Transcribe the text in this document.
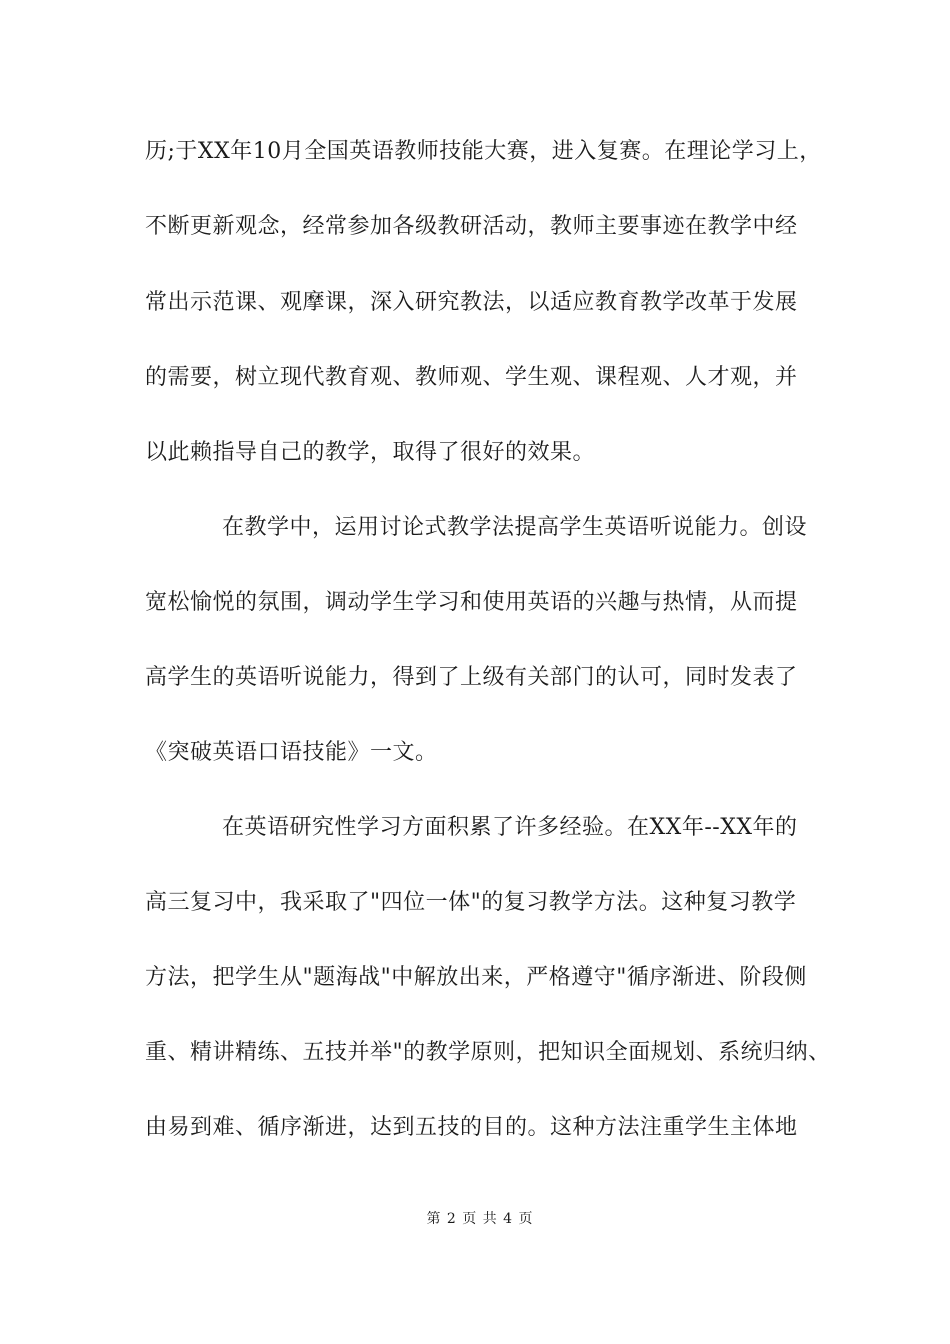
历;于XX年10月全国英语教师技能大赛，进入复赛。在理论学习上，
不断更新观念，经常参加各级教研活动，教师主要事迹在教学中经
常出示范课、观摩课，深入研究教法，以适应教育教学改革于发展
的需要，树立现代教育观、教师观、学生观、课程观、人才观，并
以此赖指导自己的教学，取得了很好的效果。
在教学中，运用讨论式教学法提高学生英语听说能力。创设
宽松愉悦的氛围，调动学生学习和使用英语的兴趣与热情，从而提
高学生的英语听说能力，得到了上级有关部门的认可，同时发表了
《突破英语口语技能》一文。
在英语研究性学习方面积累了许多经验。在XX年--XX年的
高三复习中，我采取了"四位一体"的复习教学方法。这种复习教学
方法，把学生从"题海战"中解放出来，严格遵守"循序渐进、阶段侧
重、精讲精练、五技并举"的教学原则，把知识全面规划、系统归纳、
由易到难、循序渐进，达到五技的目的。这种方法注重学生主体地
第 2 页 共 4 页
